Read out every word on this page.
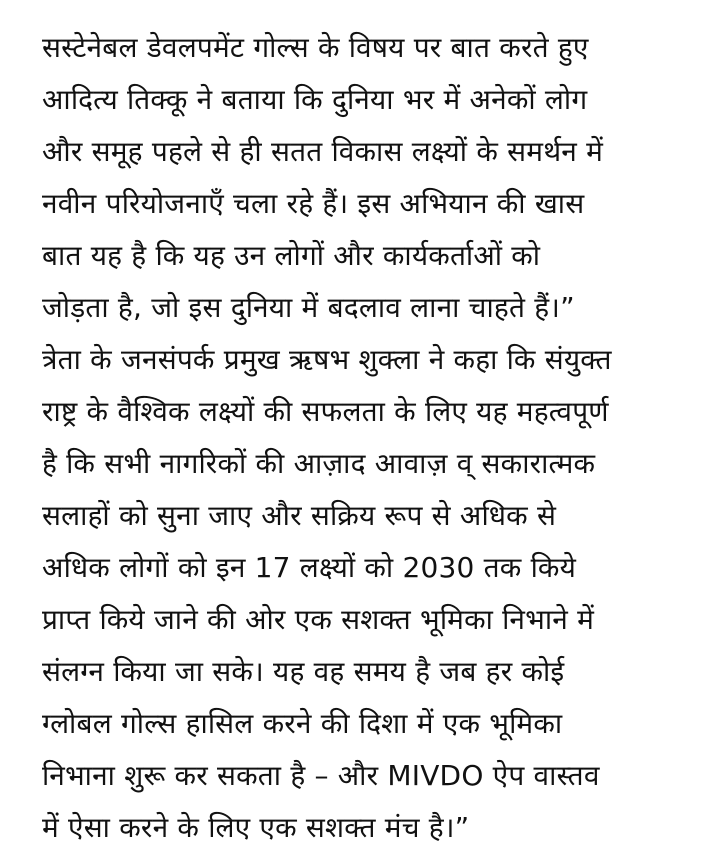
सस्टेनेबल डेवलपमेंट गोल्स के विषय पर बात करते हुए
आदित्य तिक्कू ने बताया कि दुनिया भर में अनेकों लोग
और समूह पहले से ही सतत विकास लक्ष्यों के समर्थन में
नवीन परियोजनाएँ चला रहे हैं। इस अभियान की खास
बात यह है कि यह उन लोगों और कार्यकर्ताओं को
जोड़ता है, जो इस दुनिया में बदलाव लाना चाहते हैं।”
त्रेता के जनसंपर्क प्रमुख ऋषभ शुक्ला ने कहा कि संयुक्त
राष्ट्र के वैश्विक लक्ष्यों की सफलता के लिए यह महत्वपूर्ण
है कि सभी नागरिकों की आज़ाद आवाज़ व् सकारात्मक
सलाहों को सुना जाए और सक्रिय रूप से अधिक से
अधिक लोगों को इन 17 लक्ष्यों को 2030 तक किये
प्राप्त किये जाने की ओर एक सशक्त भूमिका निभाने में
संलग्न किया जा सके। यह वह समय है जब हर कोई
ग्लोबल गोल्स हासिल करने की दिशा में एक भूमिका
निभाना शुरू कर सकता है – और MIVDO ऐप वास्तव
में ऐसा करने के लिए एक सशक्त मंच है।”
